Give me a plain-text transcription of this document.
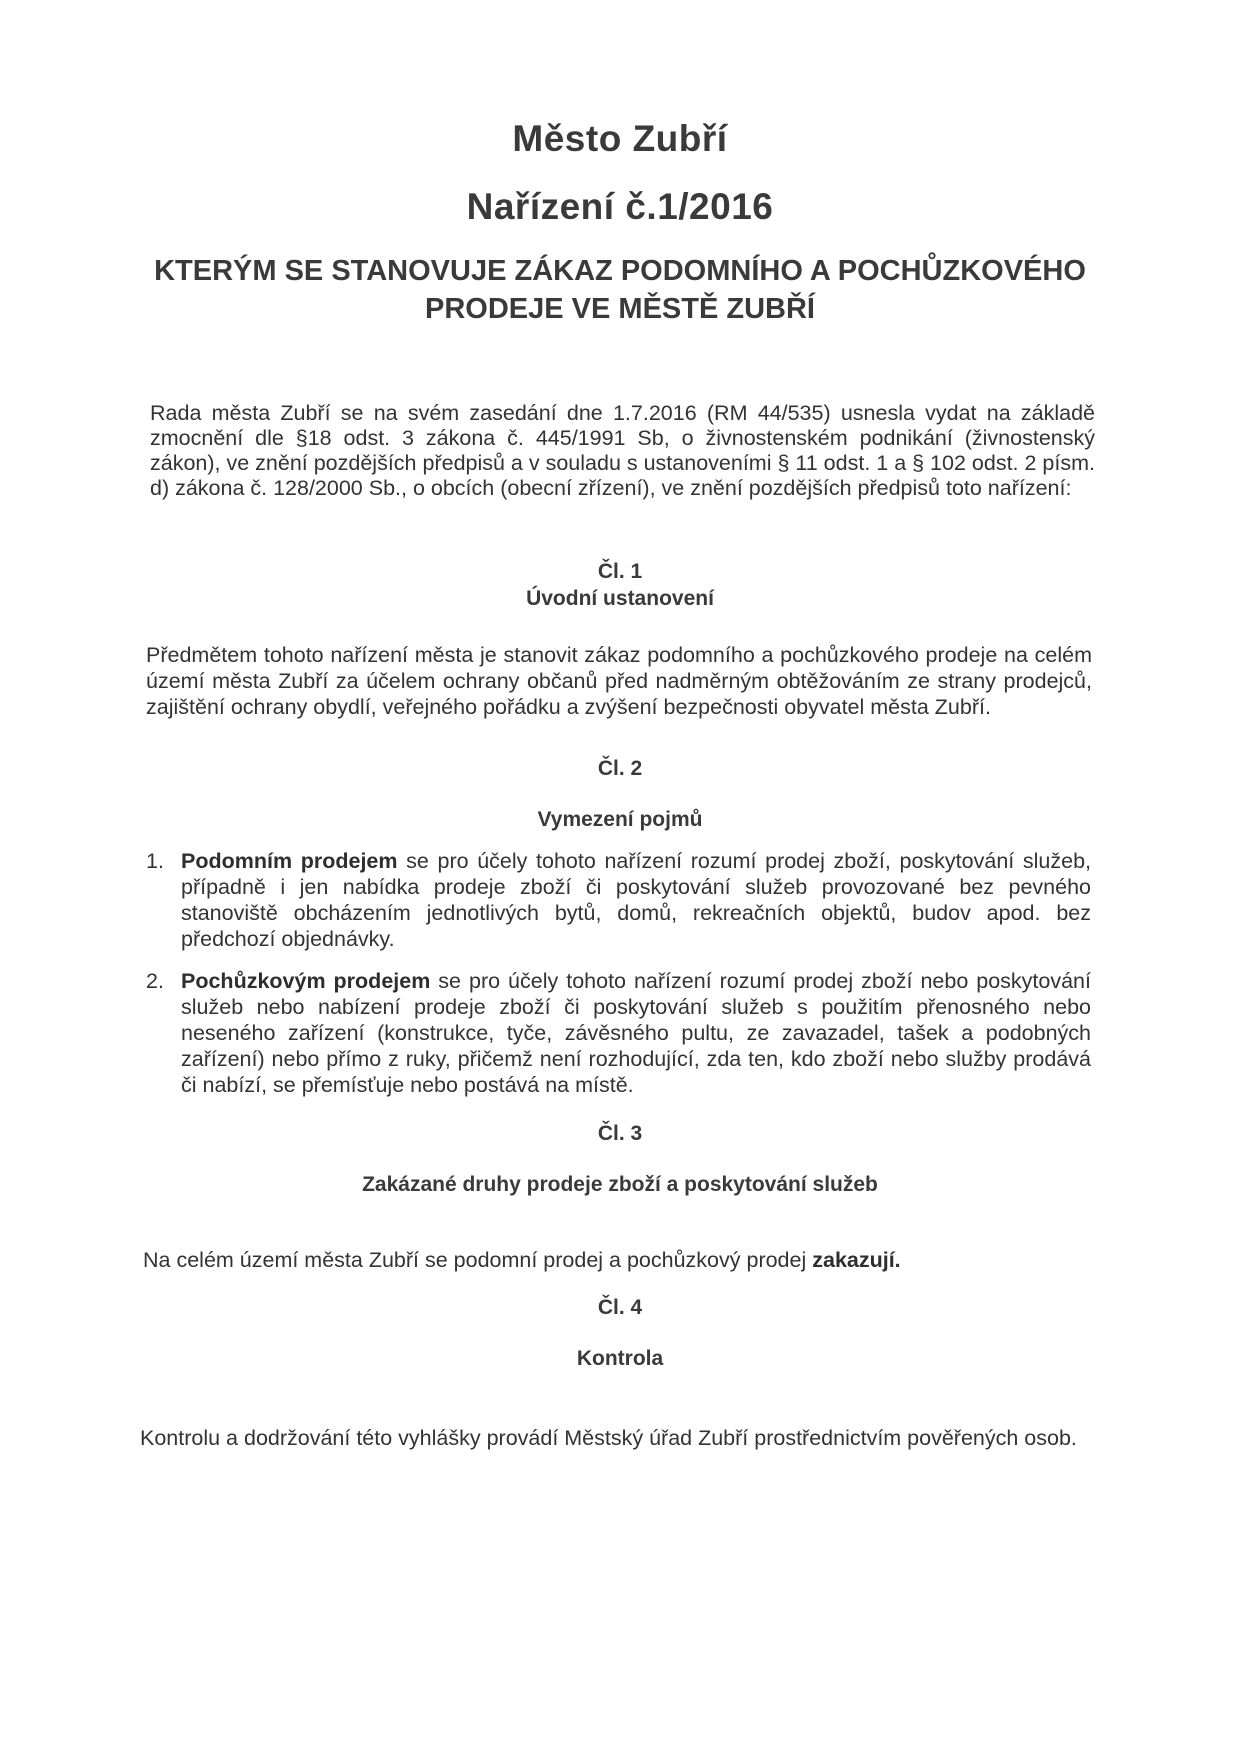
Město Zubří
Nařízení č.1/2016
KTERÝM SE STANOVUJE ZÁKAZ PODOMNÍHO A POCHŮZKOVÉHO
PRODEJE VE MĚSTĚ ZUBŘÍ
Rada města Zubří se na svém zasedání dne 1.7.2016 (RM 44/535) usnesla vydat na základě zmocnění dle §18 odst. 3 zákona č. 445/1991 Sb, o živnostenském podnikání (živnostenský zákon), ve znění pozdějších předpisů a v souladu s ustanoveními § 11 odst. 1 a § 102 odst. 2 písm. d) zákona č. 128/2000 Sb., o obcích (obecní zřízení), ve znění pozdějších předpisů toto nařízení:
Čl. 1
Úvodní ustanovení
Předmětem tohoto nařízení města je stanovit zákaz podomního a pochůzkového prodeje na celém území města Zubří za účelem ochrany občanů před nadměrným obtěžováním ze strany prodejců, zajištění ochrany obydlí, veřejného pořádku a zvýšení bezpečnosti obyvatel města Zubří.
Čl. 2
Vymezení pojmů
1. Podomním prodejem se pro účely tohoto nařízení rozumí prodej zboží, poskytování služeb, případně i jen nabídka prodeje zboží či poskytování služeb provozované bez pevného stanoviště obcházením jednotlivých bytů, domů, rekreačních objektů, budov apod. bez předchozí objednávky.
2. Pochůzkovým prodejem se pro účely tohoto nařízení rozumí prodej zboží nebo poskytování služeb nebo nabízení prodeje zboží či poskytování služeb s použitím přenosného nebo neseného zařízení (konstrukce, tyče, závěsného pultu, ze zavazadel, tašek a podobných zařízení) nebo přímo z ruky, přičemž není rozhodující, zda ten, kdo zboží nebo služby prodává či nabízí, se přemísťuje nebo postává na místě.
Čl. 3
Zakázané druhy prodeje zboží a poskytování služeb
Na celém území města Zubří se podomní prodej a pochůzkový prodej zakazují.
Čl. 4
Kontrola
Kontrolu a dodržování této vyhlášky provádí Městský úřad Zubří prostřednictvím pověřených osob.
